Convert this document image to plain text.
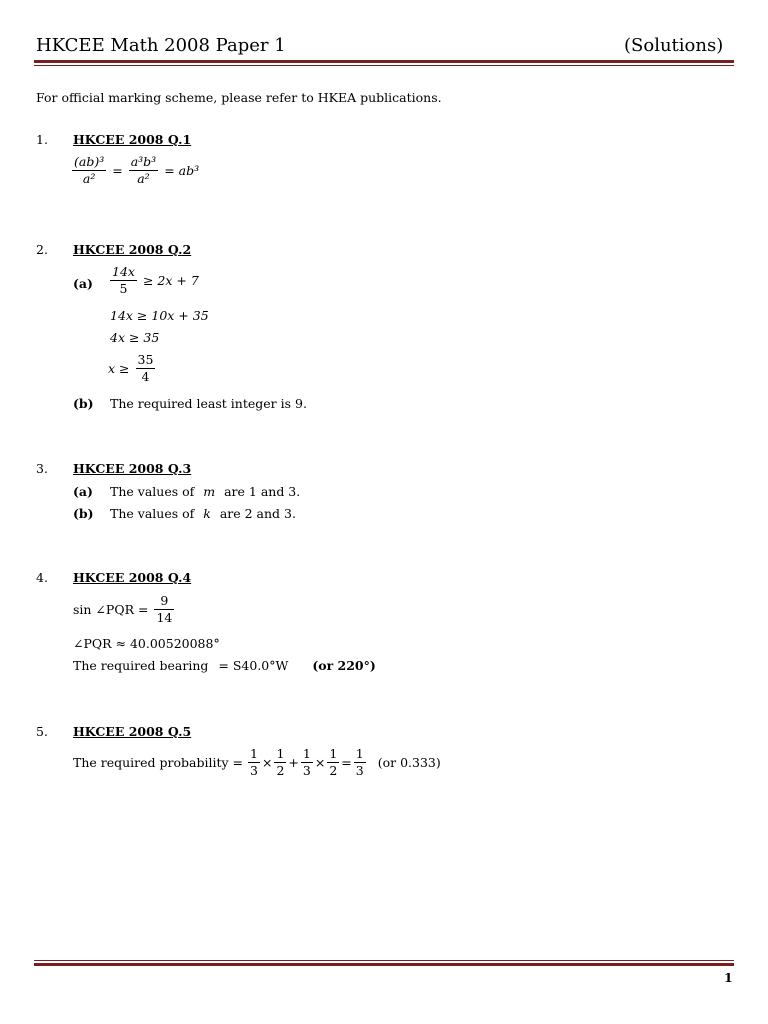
HKCEE Math 2008 Paper 1	(Solutions)
For official marking scheme, please refer to HKEA publications.
1. HKCEE 2008 Q.1
$\frac{\text{(ab)³}}{\text{a²}} = \frac{\text{a³b³}}{\text{a²}} = ab^3$
2. HKCEE 2008 Q.2
$(a) \frac{14x}{5} \ge 2x + 7$
14x ≥ 10x + 35
4x ≥ 35
$x \ge \frac{35}{4}$
(b) The required least integer is 9.
3. HKCEE 2008 Q.3
(a) The values of m are 1 and 3.
(b) The values of k are 2 and 3.
4. HKCEE 2008 Q.4
sin ∠PQR = $\frac{9}{14}$
∠PQR ≈ 40.00520088°
The required bearing = S40.0°W (or 220°)
5. HKCEE 2008 Q.5
The required probability = $\frac{1}{3} \times \frac{1}{2} + \frac{1}{3} \times \frac{1}{2} = \frac{1}{3} (or$ 0.333)
1
